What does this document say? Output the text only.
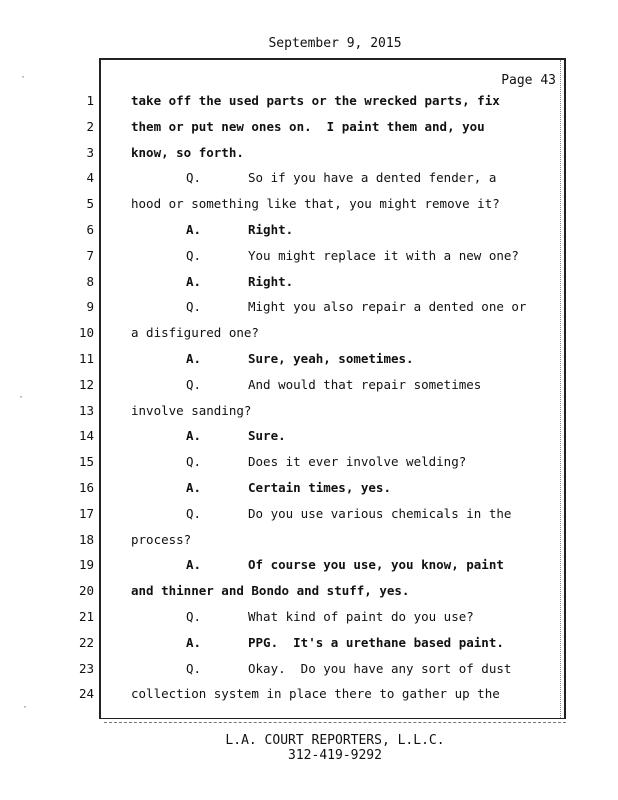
September 9, 2015
Page 43
1	take off the used parts or the wrecked parts, fix
2	them or put new ones on.  I paint them and, you
3	know, so forth.
4	Q.	So if you have a dented fender, a
5	hood or something like that, you might remove it?
6	A.	Right.
7	Q.	You might replace it with a new one?
8	A.	Right.
9	Q.	Might you also repair a dented one or
10	a disfigured one?
11	A.	Sure, yeah, sometimes.
12	Q.	And would that repair sometimes
13	involve sanding?
14	A.	Sure.
15	Q.	Does it ever involve welding?
16	A.	Certain times, yes.
17	Q.	Do you use various chemicals in the
18	process?
19	A.	Of course you use, you know, paint
20	and thinner and Bondo and stuff, yes.
21	Q.	What kind of paint do you use?
22	A.	PPG.  It's a urethane based paint.
23	Q.	Okay.  Do you have any sort of dust
24	collection system in place there to gather up the
L.A. COURT REPORTERS, L.L.C.
312-419-9292
·
·
·
